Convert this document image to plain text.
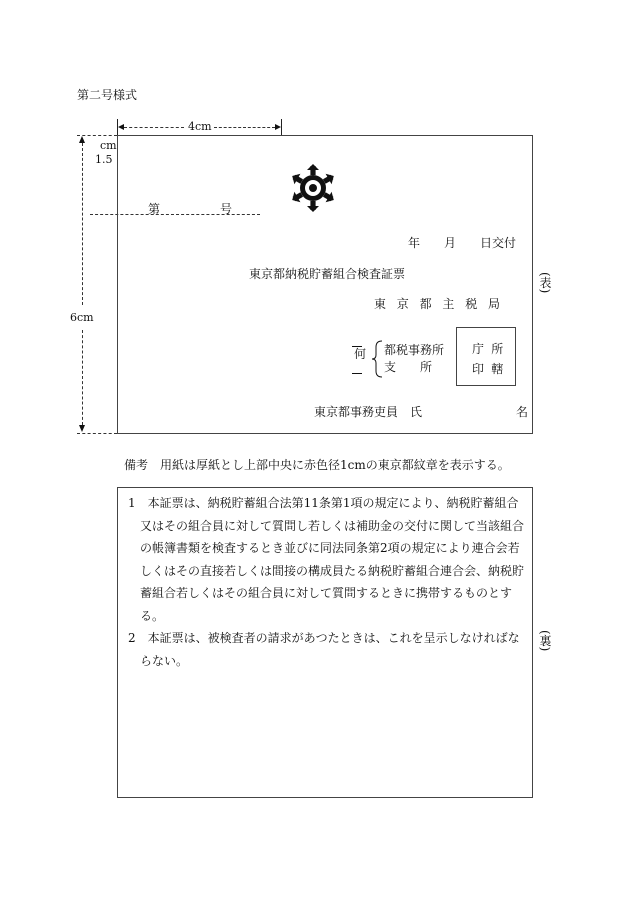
第二号様式
4cm
6cm
cm
1.5
第	号
年　　月　　日交付
東京都納税貯蓄組合検査証票
東京都主税局
何 都税事務所
支　　所
庁所
印轄
東京都事務吏員　氏	名
(表)
備考　用紙は厚紙とし上部中央に赤色径1cmの東京都紋章を表示する。

1　本証票は、納税貯蓄組合法第11条第1項の規定により、納税貯蓄組合又はその組合員に対して質問し若しくは補助金の交付に関して当該組合の帳簿書類を検査するとき並びに同法同条第2項の規定により連合会若しくはその直接若しくは間接の構成員たる納税貯蓄組合連合会、納税貯蓄組合若しくはその組合員に対して質問するときに携帯するものとする。

2　本証票は、被検査者の請求があつたときは、これを呈示しなければならない。

(裏)
